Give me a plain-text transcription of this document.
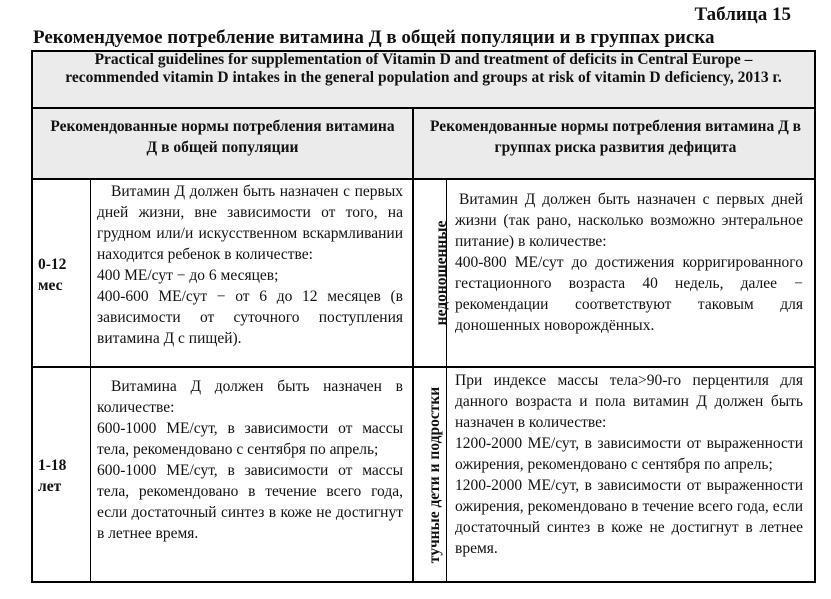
Таблица 15
Рекомендуемое потребление витамина Д в общей популяции и в группах риска
Practical guidelines for supplementation of Vitamin D and treatment of deficits in Central Europe – recommended vitamin D intakes in the general population and groups at risk of vitamin D deficiency, 2013 г.
Рекомендованные нормы потребления витамина Д в общей популяции
Рекомендованные нормы потребления витамина Д в группах риска развития дефицита
0-12 мес

Витамин Д должен быть назначен с первых дней жизни, вне зависимости от того, на грудном или/и искусственном вскармливании находится ребенок в количестве:

400 МЕ/сут − до 6 месяцев;

400-600 МЕ/сут − от 6 до 12 месяцев (в зависимости от суточного поступления витамина Д с пищей).

недоношенные

Витамин Д должен быть назначен с первых дней жизни (так рано, насколько возможно энтеральное питание) в количестве:

400-800 МЕ/сут до достижения корригированного гестационного возраста 40 недель, далее − рекомендации соответствуют таковым для доношенных новорождённых.

1-18 лет

Витамина Д должен быть назначен в количестве:

600-1000 МЕ/сут, в зависимости от массы тела, рекомендовано с сентября по апрель;

600-1000 МЕ/сут, в зависимости от массы тела, рекомендовано в течение всего года, если достаточный синтез в коже не достигнут в летнее время.	тучные дети и подростки

При индексе массы тела>90-го перцентиля для данного возраста и пола витамин Д должен быть назначен в количестве:

1200-2000 МЕ/сут, в зависимости от выраженности ожирения, рекомендовано с сентября по апрель;

1200-2000 МЕ/сут, в зависимости от выраженности ожирения, рекомендовано в течение всего года, если достаточный синтез в коже не достигнут в летнее время.
